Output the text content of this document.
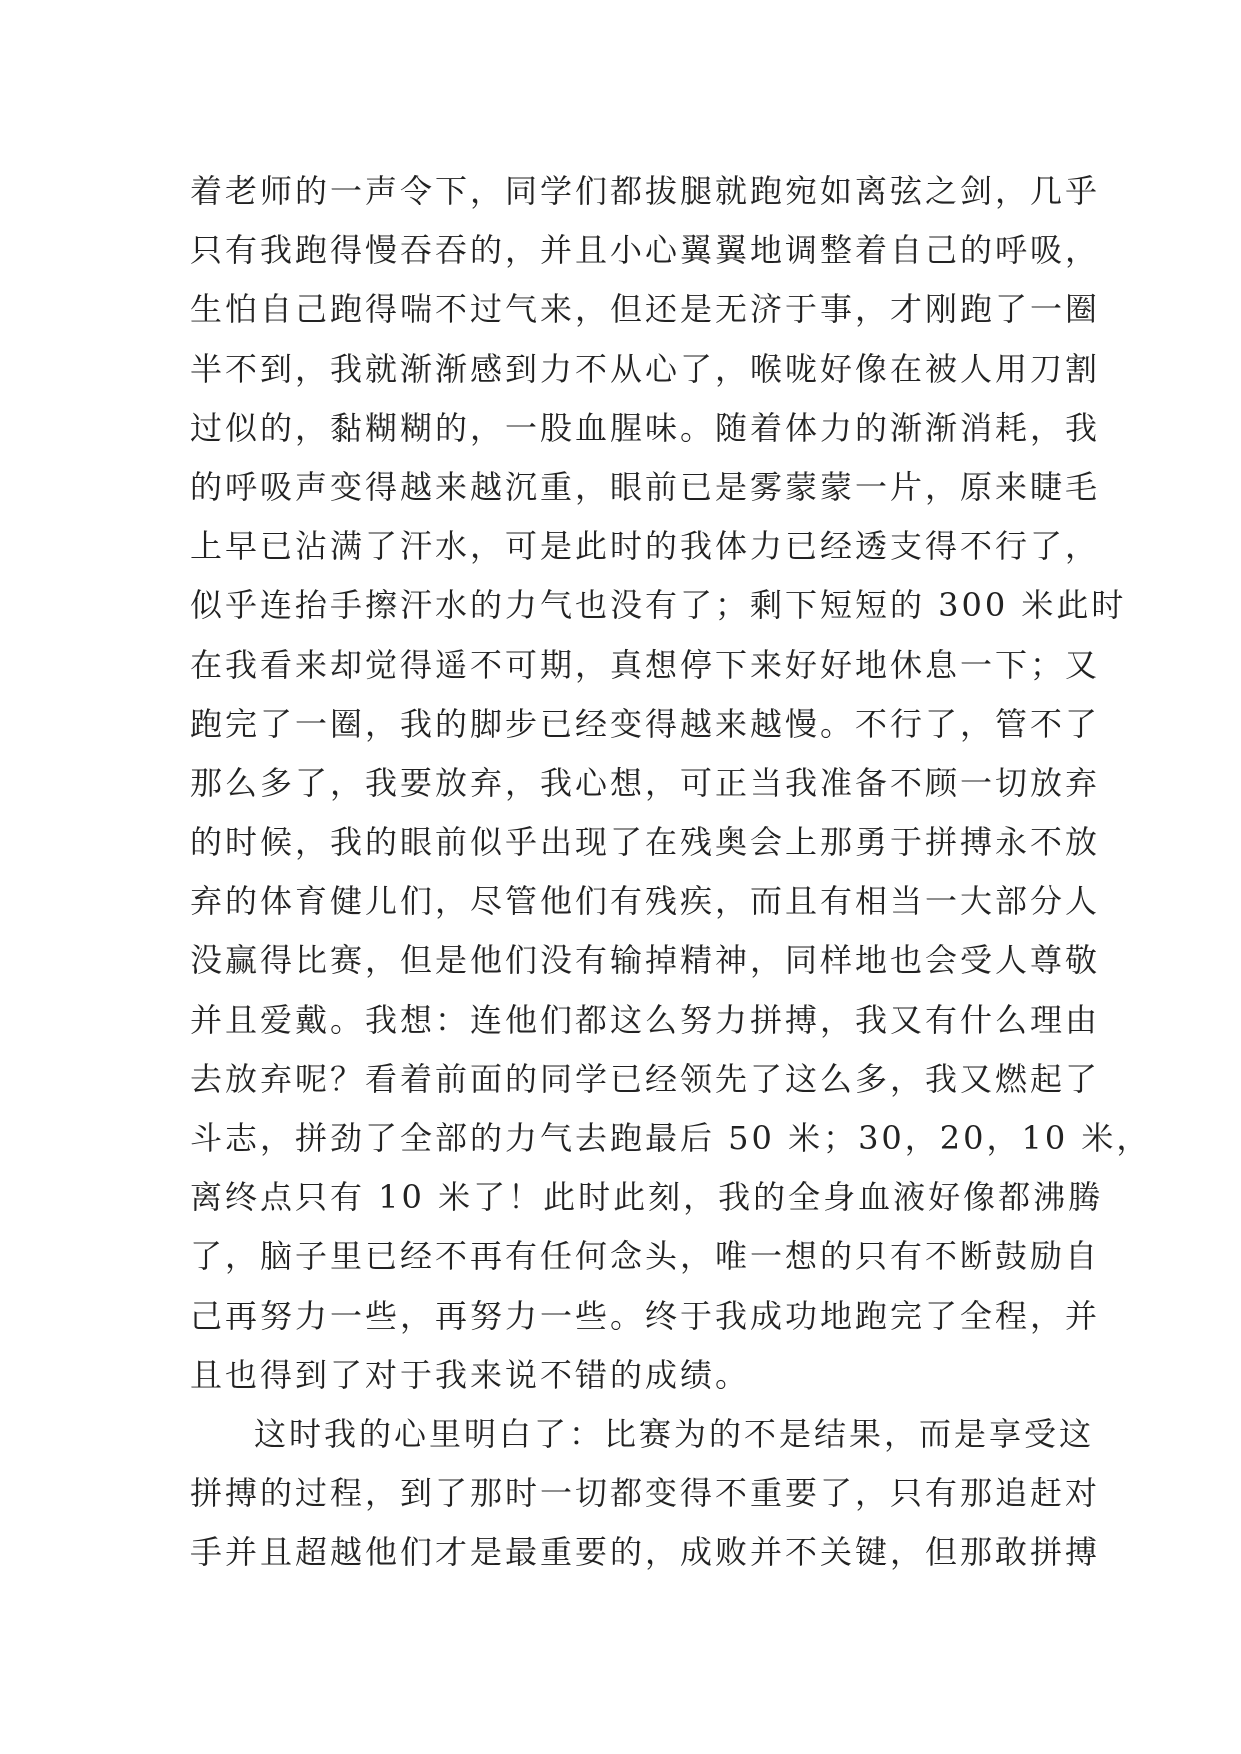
着老师的一声令下，同学们都拔腿就跑宛如离弦之剑，几乎
只有我跑得慢吞吞的，并且小心翼翼地调整着自己的呼吸，
生怕自己跑得喘不过气来，但还是无济于事，才刚跑了一圈
半不到，我就渐渐感到力不从心了，喉咙好像在被人用刀割
过似的，黏糊糊的，一股血腥味。随着体力的渐渐消耗，我
的呼吸声变得越来越沉重，眼前已是雾蒙蒙一片，原来睫毛
上早已沾满了汗水，可是此时的我体力已经透支得不行了，
似乎连抬手擦汗水的力气也没有了；剩下短短的 300 米此时
在我看来却觉得遥不可期，真想停下来好好地休息一下；又
跑完了一圈，我的脚步已经变得越来越慢。不行了，管不了
那么多了，我要放弃，我心想，可正当我准备不顾一切放弃
的时候，我的眼前似乎出现了在残奥会上那勇于拼搏永不放
弃的体育健儿们，尽管他们有残疾，而且有相当一大部分人
没赢得比赛，但是他们没有输掉精神，同样地也会受人尊敬
并且爱戴。我想：连他们都这么努力拼搏，我又有什么理由
去放弃呢？看着前面的同学已经领先了这么多，我又燃起了
斗志，拼劲了全部的力气去跑最后 50 米；30，20，10 米，
离终点只有 10 米了！此时此刻，我的全身血液好像都沸腾
了，脑子里已经不再有任何念头，唯一想的只有不断鼓励自
己再努力一些，再努力一些。终于我成功地跑完了全程，并
且也得到了对于我来说不错的成绩。
这时我的心里明白了：比赛为的不是结果，而是享受这
拼搏的过程，到了那时一切都变得不重要了，只有那追赶对
手并且超越他们才是最重要的，成败并不关键，但那敢拼搏
